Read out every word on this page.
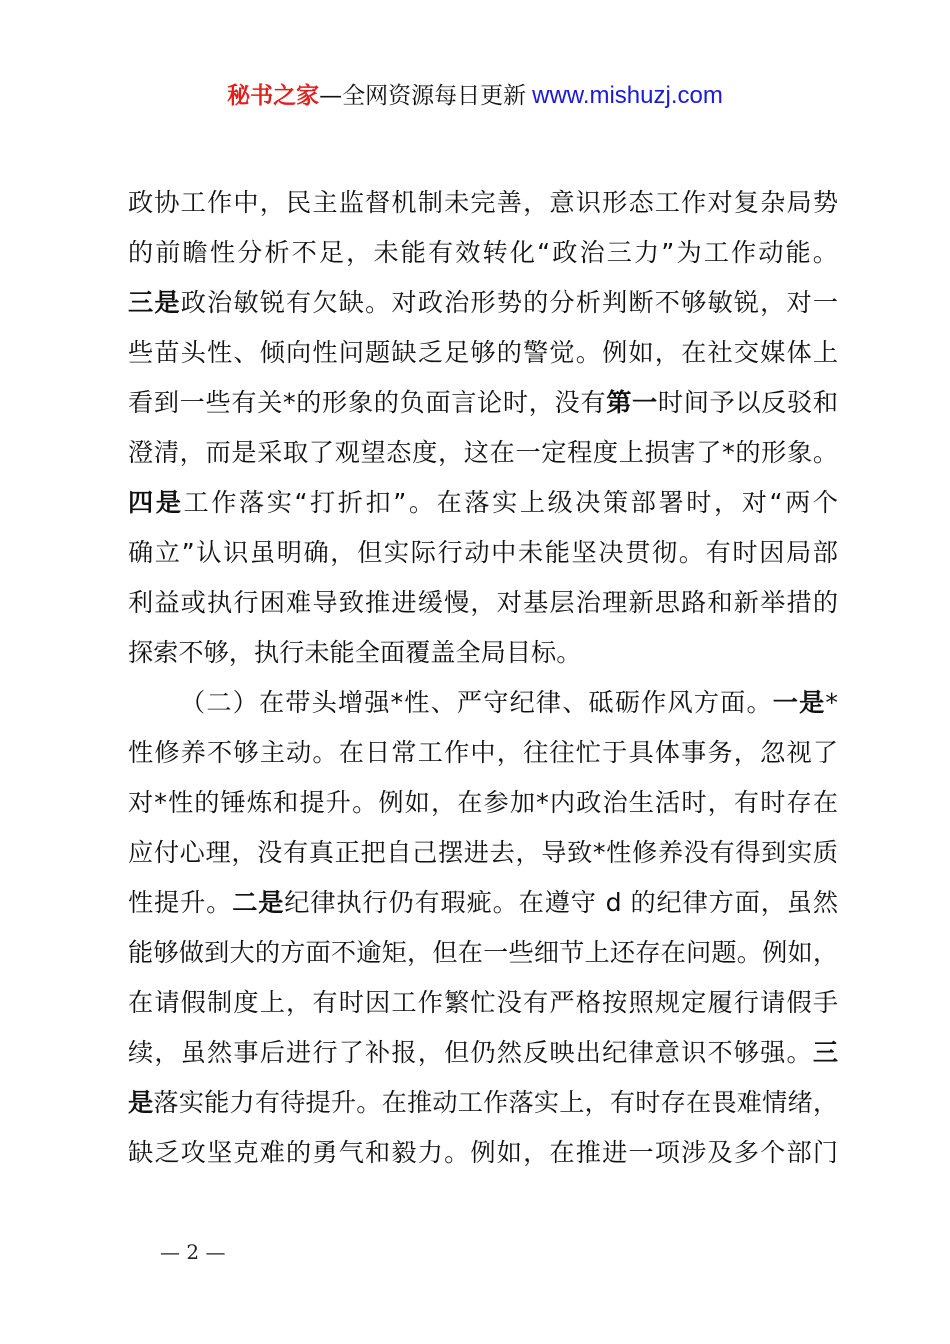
秘书之家—全网资源每日更新 www.mishuzj.com
政协工作中，民主监督机制未完善，意识形态工作对复杂局势
的前瞻性分析不足，未能有效转化“政治三力”为工作动能。
三是政治敏锐有欠缺。对政治形势的分析判断不够敏锐，对一
些苗头性、倾向性问题缺乏足够的警觉。例如，在社交媒体上
看到一些有关*的形象的负面言论时，没有第一时间予以反驳和
澄清，而是采取了观望态度，这在一定程度上损害了*的形象。
四是工作落实“打折扣”。在落实上级决策部署时，对“两个
确立”认识虽明确，但实际行动中未能坚决贯彻。有时因局部
利益或执行困难导致推进缓慢，对基层治理新思路和新举措的
探索不够，执行未能全面覆盖全局目标。
（二）在带头增强*性、严守纪律、砥砺作风方面。一是*
性修养不够主动。在日常工作中，往往忙于具体事务，忽视了
对*性的锤炼和提升。例如，在参加*内政治生活时，有时存在
应付心理，没有真正把自己摆进去，导致*性修养没有得到实质
性提升。二是纪律执行仍有瑕疵。在遵守 d 的纪律方面，虽然
能够做到大的方面不逾矩，但在一些细节上还存在问题。例如，
在请假制度上，有时因工作繁忙没有严格按照规定履行请假手
续，虽然事后进行了补报，但仍然反映出纪律意识不够强。三
是落实能力有待提升。在推动工作落实上，有时存在畏难情绪，
缺乏攻坚克难的勇气和毅力。例如，在推进一项涉及多个部门
— 2 —
